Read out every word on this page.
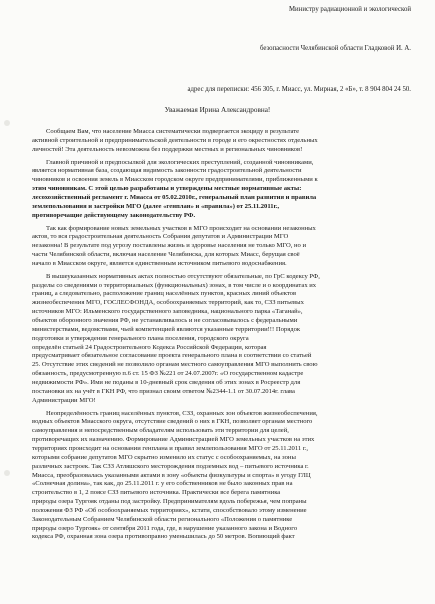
Министру радиационной и экологической
безопасности Челябинской области Гладковой И. А.
адрес для переписки: 456 305, г. Миасс, ул. Мирная, 2 «Б», т. 8 904 804 24 50.
Уважаемая Ирина Александровна!
Сообщаем Вам, что население Миасса систематически подвергается экоциду в результате
активной строительной и предпринимательской деятельности в городе и его окрестностях отдельных
личностей! Эта деятельность невозможна без поддержки местных и региональных чиновников!
Главной причиной и предпосылкой для экологических преступлений, созданной чиновниками,
является нормативная база, создающая видимость законности градостроительной деятельности
чиновников и освоения земель в Миасском городском округе предпринимателями, приближенными к
этим чиновникам. С этой целью разработаны и утверждены местные нормативные акты:
лесохозяйственный регламент г. Миасса от 05.02.2010г., генеральный план развития и правила
землепользования и застройки МГО (далее «генплан» и «правила») от 25.11.2011г.,
противоречащие действующему законодательству РФ.
Так как формирование новых земельных участков в МГО происходит на основании незаконных
актов, то вся градостроительная деятельность Собрания депутатов и Администрации МГО
незаконна! В результате под угрозу поставлены жизнь и здоровье населения не только МГО, но и
части Челябинской области, включая население Челябинска, для которых Миасс, берущая своё
начало в Миасском округе, является единственным источником питьевого водоснабжения.
В вышеуказанных нормативных актах полностью отсутствуют обязательные, по ГрС кодексу РФ,
разделы со сведениями о территориальных (функциональных) зонах, в том числе и о координатах их
границ, а следовательно, расположение границ населённых пунктов, красных линий объектов
жизнеобеспечения МГО, ГОСЛЕСФОНДА, особоохраняемых территорий, как то, СЗЗ питьевых
источников МГО: Ильменского государственного заповедника, национального парка «Таганай»,
объектов оборонного значения РФ, не устанавливалось и не согласовывалось с федеральными
министерствами, ведомствами, чьей компетенцией являются указанные территории!!! Порядок
подготовки и утверждения генерального плана поселения, городского округа
определён статьей 24 Градостроительного Кодекса Российской Федерации, которая
предусматривает обязательное согласование проекта генерального плана в соответствии со статьей
25. Отсутствие этих сведений не позволило органам местного самоуправления МГО выполнить свою
обязанность, предусмотренную п.6 ст. 15 ФЗ №221 от 24.07.2007г. «О государственном кадастре
недвижимости РФ». Ими не поданы в 10-дневный срок сведения об этих зонах в Росреестр для
постановки их на учёт в ГКН РФ, что признал своим ответом №2344-1.1 от 30.07.2014г. глава
Администрации МГО!
Неопределённость границ населённых пунктов, СЗЗ, охранных зон объектов жизнеобеспечения,
водных объектов Миасского округа, отсутствие сведений о них в ГКН, позволяет органам местного
самоуправления и непосредственным обладателям использовать эти территории для целей,
противоречащих их назначению. Формирование Администрацией МГО земельных участков на этих
территориях происходит на основании генплана и правил землепользования МГО от 25.11.2011 г.,
которыми собрание депутатов МГО скрытно изменило их статус с особоохраняемых, на зоны
различных застроек. Так СЗЗ Атляшского месторождения подземных вод – питьевого источника г.
Миасса, преобразовалась указанными актами в зону «объекты физкультуры и спорта» в угоду ГЛЦ
«Солнечная долина», так как, до 25.11.2011 г. у его собственников не было законных прав на
строительство в 1, 2 поясе СЗЗ питьевого источника. Практически все берега памятника
природы озера Тургояк отданы под застройку. Предпринимателям вдоль побережья, чем попраны
положения ФЗ РФ «Об особоохраняемых территориях», кстати, способствовало этому изменение
Законодательным Собранием Челябинской области регионального «Положения о памятнике
природы озеро Тургояк» от сентября 2011 года, где, в нарушение указанного закона и Водного
кодекса РФ, охранная зона озера противоправно уменьшилась до 50 метров. Вопиющий факт
